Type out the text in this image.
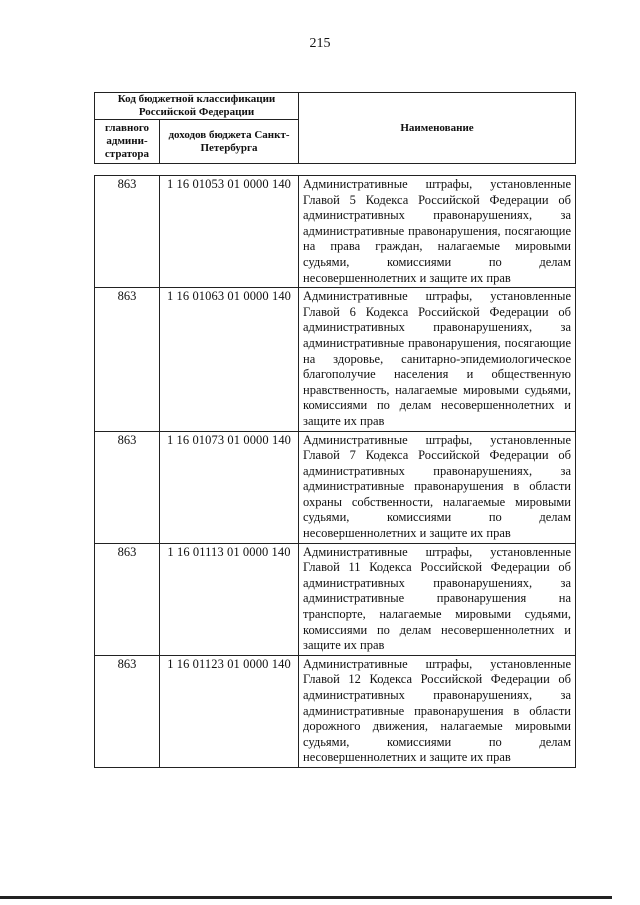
215
Код бюджетной классификации Российской Федерации		Наименование
главного админи-стратора	доходов бюджета Санкт-Петербурга	
863	1 16 01053 01 0000 140	Административные штрафы, установленные Главой 5 Кодекса Российской Федерации об административных правонарушениях, за административные правонарушения, посягающие на права граждан, налагаемые мировыми судьями, комиссиями по делам несовершеннолетних и защите их прав
863	1 16 01063 01 0000 140	Административные штрафы, установленные Главой 6 Кодекса Российской Федерации об административных правонарушениях, за административные правонарушения, посягающие на здоровье, санитарно-эпидемиологическое благополучие населения и общественную нравственность, налагаемые мировыми судьями, комиссиями по делам несовершеннолетних и защите их прав
863	1 16 01073 01 0000 140	Административные штрафы, установленные Главой 7 Кодекса Российской Федерации об административных правонарушениях, за административные правонарушения в области охраны собственности, налагаемые мировыми судьями, комиссиями по делам несовершеннолетних и защите их прав
863	1 16 01113 01 0000 140	Административные штрафы, установленные Главой 11 Кодекса Российской Федерации об административных правонарушениях, за административные правонарушения на транспорте, налагаемые мировыми судьями, комиссиями по делам несовершеннолетних и защите их прав
863	1 16 01123 01 0000 140	Административные штрафы, установленные Главой 12 Кодекса Российской Федерации об административных правонарушениях, за административные правонарушения в области дорожного движения, налагаемые мировыми судьями, комиссиями по делам несовершеннолетних и защите их прав
